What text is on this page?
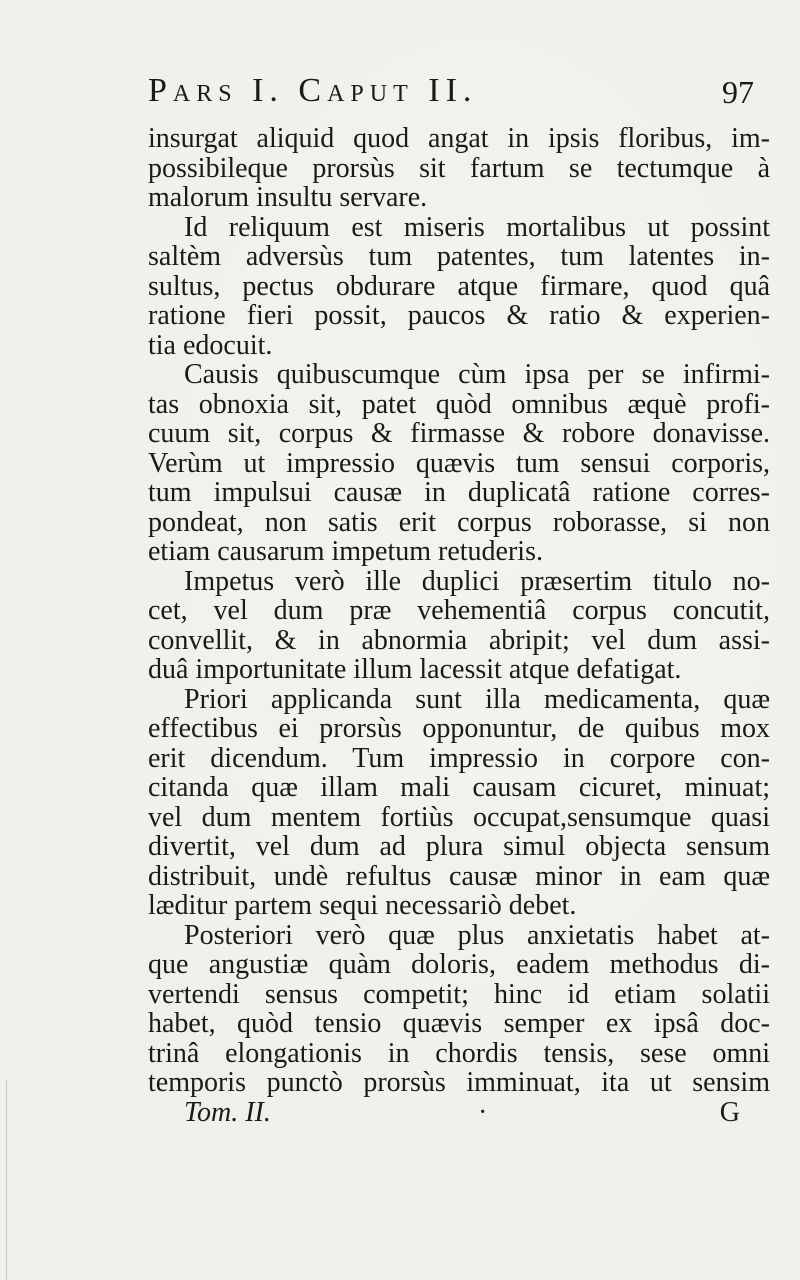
Pars I. Caput II.	97
insurgat aliquid quod angat in ipsis floribus, im-
possibileque prorsùs sit fartum se tectumque à
malorum insultu servare.
Id reliquum est miseris mortalibus ut possint
saltèm adversùs tum patentes, tum latentes in-
sultus, pectus obdurare atque firmare, quod quâ
ratione fieri possit, paucos & ratio & experien-
tia edocuit.
Causis quibuscumque cùm ipsa per se infirmi-
tas obnoxia sit, patet quòd omnibus æquè profi-
cuum sit, corpus & firmasse & robore donavisse.
Verùm ut impressio quævis tum sensui corporis,
tum impulsui causæ in duplicatâ ratione corres-
pondeat, non satis erit corpus roborasse, si non
etiam causarum impetum retuderis.
Impetus verò ille duplici præsertim titulo no-
cet, vel dum præ vehementiâ corpus concutit,
convellit, & in abnormia abripit; vel dum assi-
duâ importunitate illum lacessit atque defatigat.
Priori applicanda sunt illa medicamenta, quæ
effectibus ei prorsùs opponuntur, de quibus mox
erit dicendum. Tum impressio in corpore con-
citanda quæ illam mali causam cicuret, minuat;
vel dum mentem fortiùs occupat,sensumque quasi
divertit, vel dum ad plura simul objecta sensum
distribuit, undè refultus causæ minor in eam quæ
læditur partem sequi necessariò debet.
Posteriori verò quæ plus anxietatis habet at-
que angustiæ quàm doloris, eadem methodus di-
vertendi sensus competit; hinc id etiam solatii
habet, quòd tensio quævis semper ex ipsâ doc-
trinâ elongationis in chordis tensis, sese omni
temporis punctò prorsùs imminuat, ita ut sensim
Tom. II.	·	G
